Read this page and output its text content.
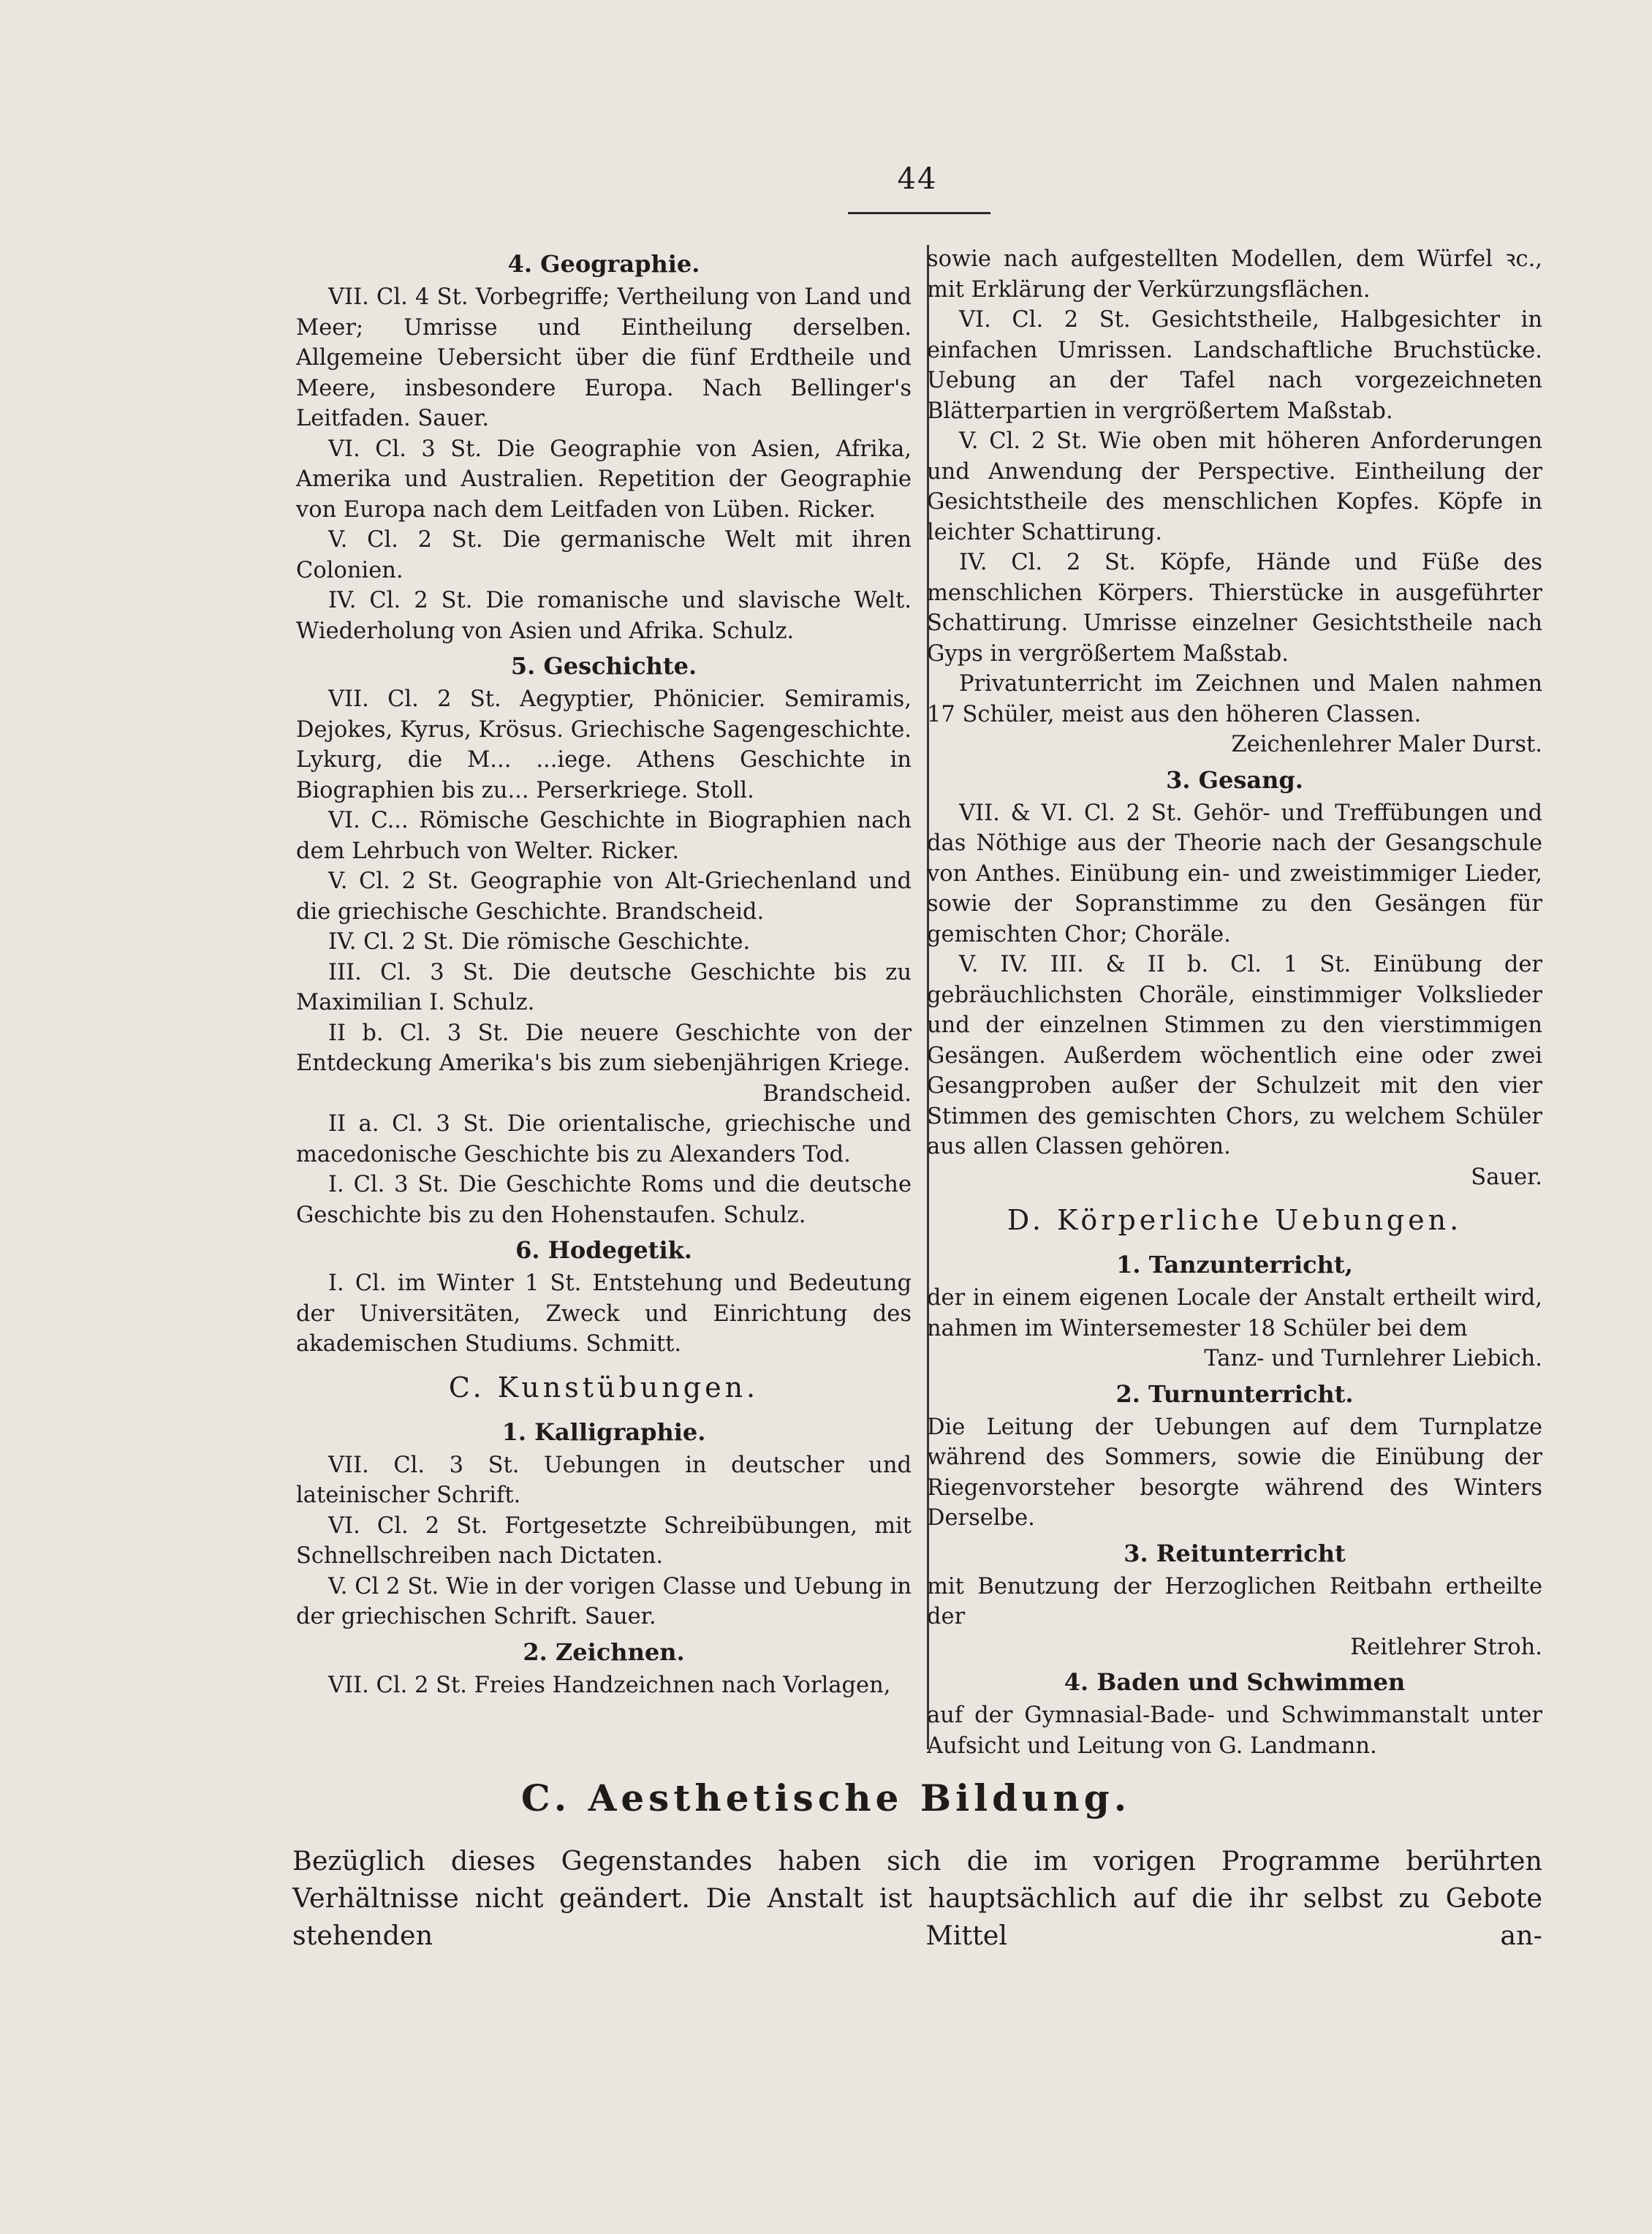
44

4. Geographie.

VII. Cl. 4 St. Vorbegriffe; Vertheilung von Land und Meer; Umrisse und Eintheilung derselben. Allgemeine Uebersicht über die fünf Erdtheile und Meere, insbesondere Europa. Nach Bellinger's Leitfaden. Sauer.

VI. Cl. 3 St. Die Geographie von Asien, Afrika, Amerika und Australien. Repetition der Geographie von Europa nach dem Leitfaden von Lüben. Ricker.

V. Cl. 2 St. Die germanische Welt mit ihren Colonien.

IV. Cl. 2 St. Die romanische und slavische Welt. Wiederholung von Asien und Afrika. Schulz.

5. Geschichte.

VII. Cl. 2 St. Aegyptier, Phönicier. Semiramis, Dejokes, Kyrus, Krösus. Griechische Sagengeschichte. Lykurg, die M... ...iege. Athens Geschichte in Biographien bis zu... Perserkriege. Stoll.

VI. C... Römische Geschichte in Biographien nach dem Lehrbuch von Welter. Ricker.

V. Cl. 2 St. Geographie von Alt-Griechenland und die griechische Geschichte. Brandscheid.

IV. Cl. 2 St. Die römische Geschichte.

III. Cl. 3 St. Die deutsche Geschichte bis zu Maximilian I. Schulz.

II b. Cl. 3 St. Die neuere Geschichte von der Entdeckung Amerika's bis zum siebenjährigen Kriege.

Brandscheid.

II a. Cl. 3 St. Die orientalische, griechische und macedonische Geschichte bis zu Alexanders Tod.

I. Cl. 3 St. Die Geschichte Roms und die deutsche Geschichte bis zu den Hohenstaufen. Schulz.

6. Hodegetik.

I. Cl. im Winter 1 St. Entstehung und Bedeutung der Universitäten, Zweck und Einrichtung des akademischen Studiums. Schmitt.

C. Kunstübungen.

1. Kalligraphie.

VII. Cl. 3 St. Uebungen in deutscher und lateinischer Schrift.

VI. Cl. 2 St. Fortgesetzte Schreibübungen, mit Schnellschreiben nach Dictaten.

V. Cl 2 St. Wie in der vorigen Classe und Uebung in der griechischen Schrift. Sauer.

2. Zeichnen.

VII. Cl. 2 St. Freies Handzeichnen nach Vorlagen,

sowie nach aufgestellten Modellen, dem Würfel ꝛc., mit Erklärung der Verkürzungsflächen.

VI. Cl. 2 St. Gesichtstheile, Halbgesichter in einfachen Umrissen. Landschaftliche Bruchstücke. Uebung an der Tafel nach vorgezeichneten Blätterpartien in vergrößertem Maßstab.

V. Cl. 2 St. Wie oben mit höheren Anforderungen und Anwendung der Perspective. Eintheilung der Gesichtstheile des menschlichen Kopfes. Köpfe in leichter Schattirung.

IV. Cl. 2 St. Köpfe, Hände und Füße des menschlichen Körpers. Thierstücke in ausgeführter Schattirung. Umrisse einzelner Gesichtstheile nach Gyps in vergrößertem Maßstab.

Privatunterricht im Zeichnen und Malen nahmen 17 Schüler, meist aus den höheren Classen.

Zeichenlehrer Maler Durst.

3. Gesang.

VII. & VI. Cl. 2 St. Gehör- und Treffübungen und das Nöthige aus der Theorie nach der Gesangschule von Anthes. Einübung ein- und zweistimmiger Lieder, sowie der Sopranstimme zu den Gesängen für gemischten Chor; Choräle.

V. IV. III. & II b. Cl. 1 St. Einübung der gebräuchlichsten Choräle, einstimmiger Volkslieder und der einzelnen Stimmen zu den vierstimmigen Gesängen. Außerdem wöchentlich eine oder zwei Gesangproben außer der Schulzeit mit den vier Stimmen des gemischten Chors, zu welchem Schüler aus allen Classen gehören.

Sauer.

D. Körperliche Uebungen.

1. Tanzunterricht,

der in einem eigenen Locale der Anstalt ertheilt wird, nahmen im Wintersemester 18 Schüler bei dem

Tanz- und Turnlehrer Liebich.

2. Turnunterricht.

Die Leitung der Uebungen auf dem Turnplatze während des Sommers, sowie die Einübung der Riegenvorsteher besorgte während des Winters Derselbe.

3. Reitunterricht

mit Benutzung der Herzoglichen Reitbahn ertheilte der

Reitlehrer Stroh.

4. Baden und Schwimmen

auf der Gymnasial-Bade- und Schwimmanstalt unter Aufsicht und Leitung von G. Landmann.

C. Aesthetische Bildung.
Bezüglich dieses Gegenstandes haben sich die im vorigen Programme berührten Verhältnisse nicht geändert. Die Anstalt ist hauptsächlich auf die ihr selbst zu Gebote stehenden Mittel an-
